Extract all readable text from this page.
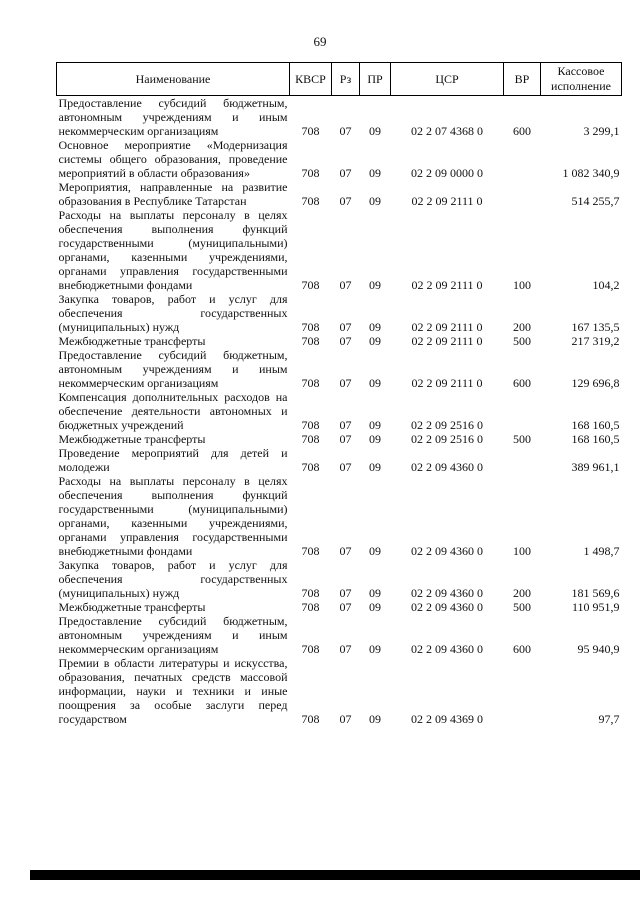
69
Наименование	КВСР	Рз	ПР	ЦСР	ВР	Кассовое исполнение
Предоставление субсидий бюджетным, автономным учреждениям и иным некоммерческим организациям	708	07	09	02 2 07 4368 0	600	3 299,1
Основное мероприятие «Модернизация системы общего образования, проведение мероприятий в области образования»	708	07	09	02 2 09 0000 0		1 082 340,9
Мероприятия, направленные на развитие образования в Республике Татарстан	708	07	09	02 2 09 2111 0		514 255,7
Расходы на выплаты персоналу в целях обеспечения выполнения функций государственными (муниципальными) органами, казенными учреждениями, органами управления государственными внебюджетными фондами	708	07	09	02 2 09 2111 0	100	104,2
Закупка товаров, работ и услуг для обеспечения государственных (муниципальных) нужд	708	07	09	02 2 09 2111 0	200	167 135,5
Межбюджетные трансферты	708	07	09	02 2 09 2111 0	500	217 319,2
Предоставление субсидий бюджетным, автономным учреждениям и иным некоммерческим организациям	708	07	09	02 2 09 2111 0	600	129 696,8
Компенсация дополнительных расходов на обеспечение деятельности автономных и бюджетных учреждений	708	07	09	02 2 09 2516 0		168 160,5
Межбюджетные трансферты	708	07	09	02 2 09 2516 0	500	168 160,5
Проведение мероприятий для детей и молодежи	708	07	09	02 2 09 4360 0		389 961,1
Расходы на выплаты персоналу в целях обеспечения выполнения функций государственными (муниципальными) органами, казенными учреждениями, органами управления государственными внебюджетными фондами	708	07	09	02 2 09 4360 0	100	1 498,7
Закупка товаров, работ и услуг для обеспечения государственных (муниципальных) нужд	708	07	09	02 2 09 4360 0	200	181 569,6
Межбюджетные трансферты	708	07	09	02 2 09 4360 0	500	110 951,9
Предоставление субсидий бюджетным, автономным учреждениям и иным некоммерческим организациям	708	07	09	02 2 09 4360 0	600	95 940,9
Премии в области литературы и искусства, образования, печатных средств массовой информации, науки и техники и иные поощрения за особые заслуги перед государством	708	07	09	02 2 09 4369 0		97,7
